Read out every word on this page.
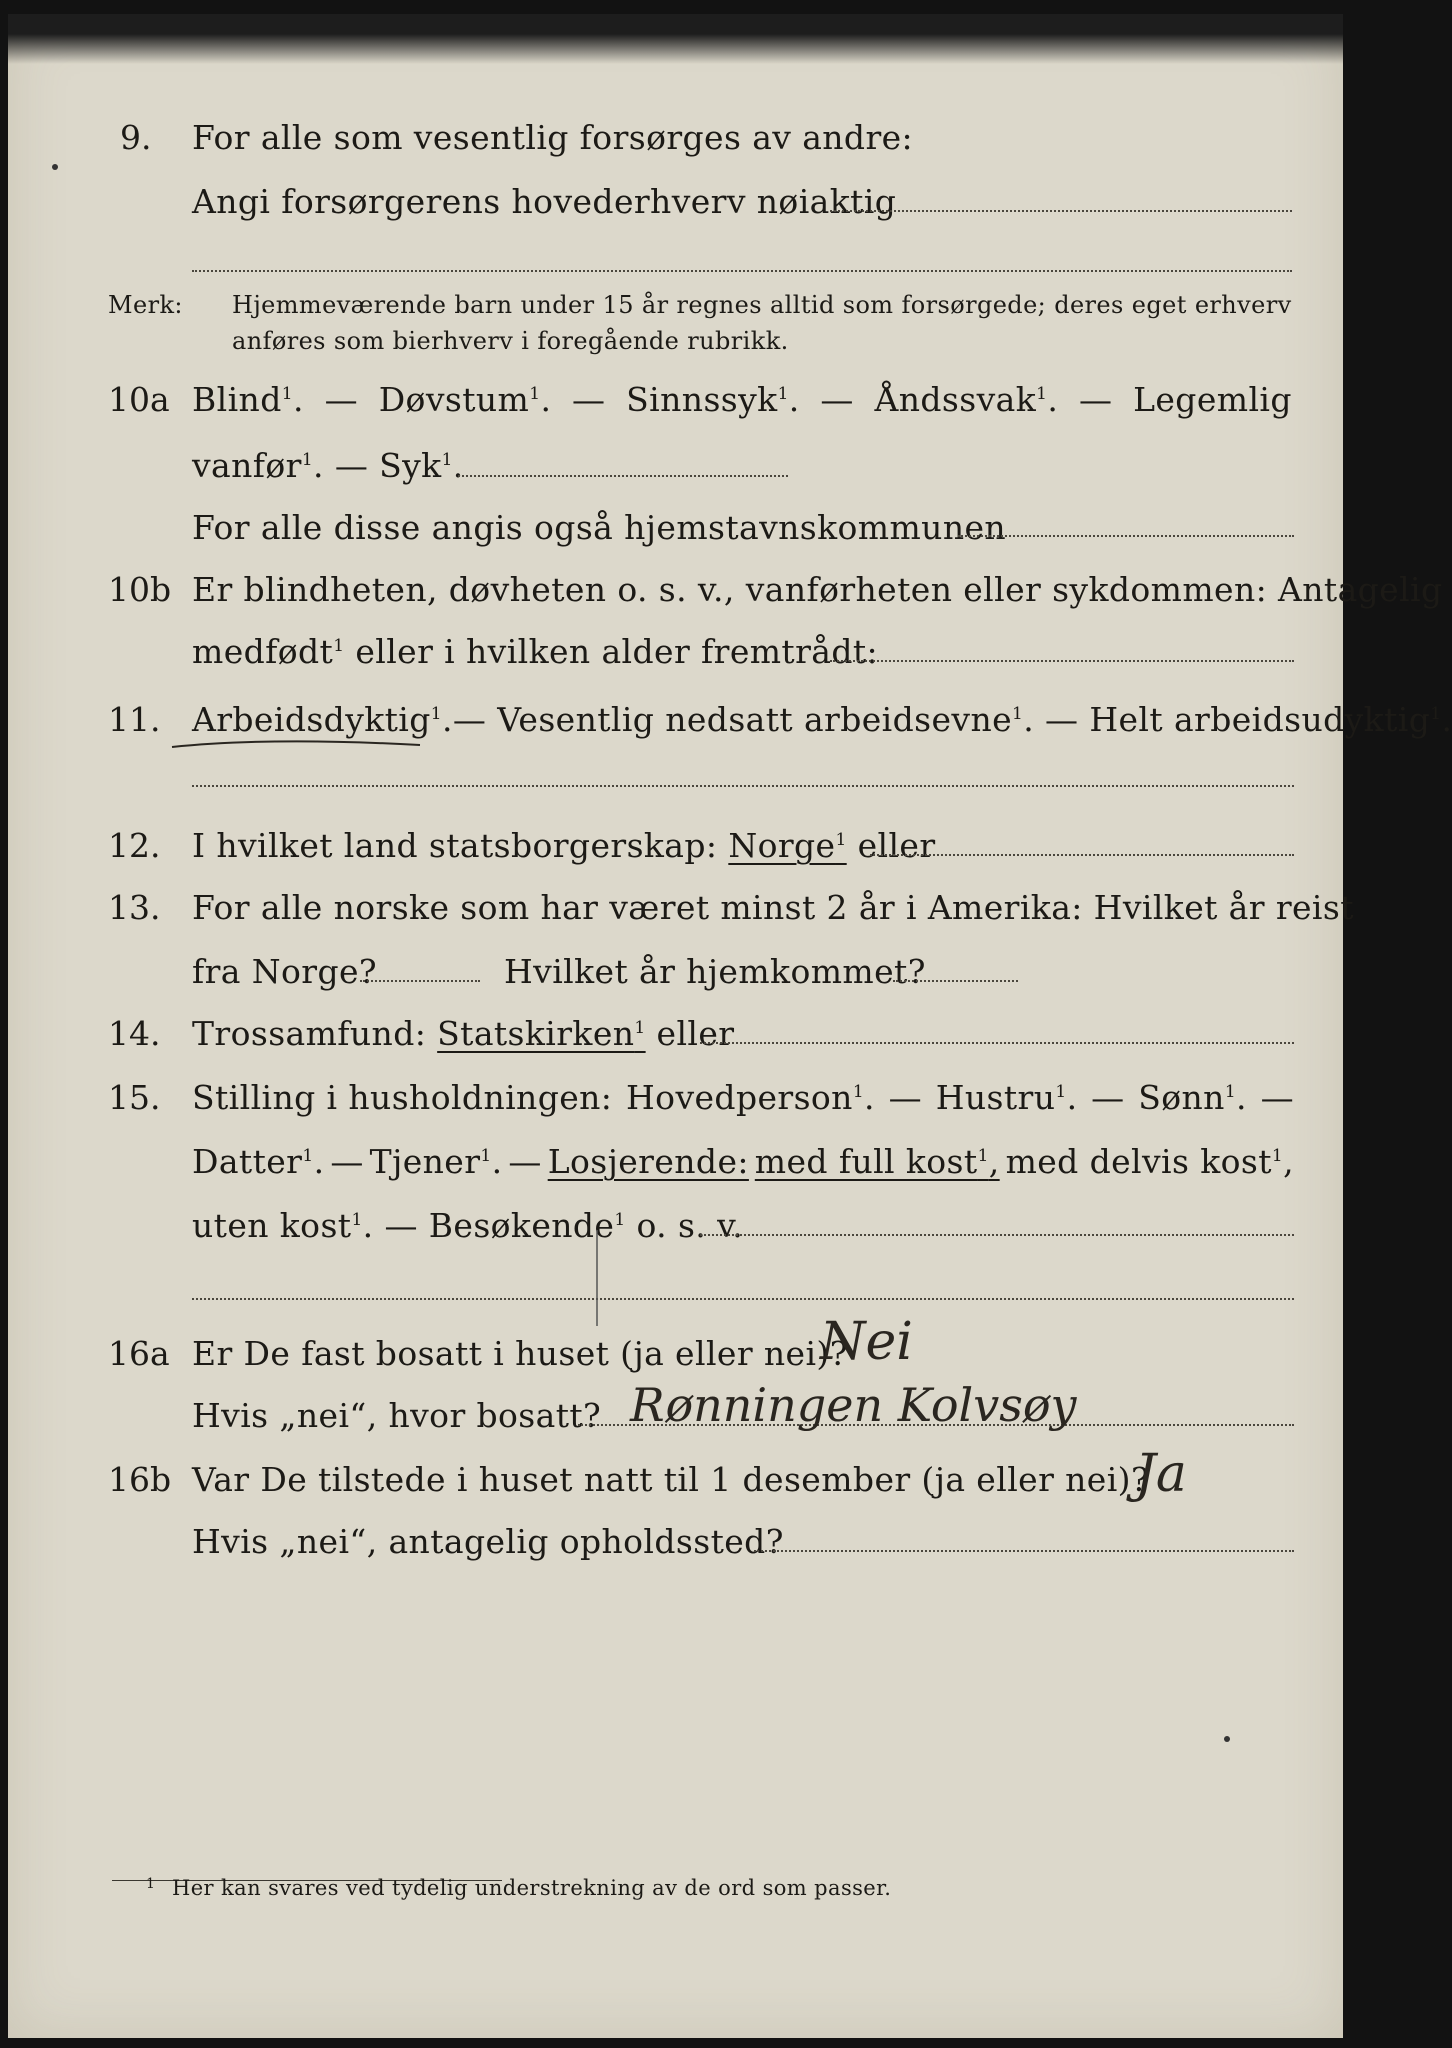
9. For alle som vesentlig forsørges av andre:
Angi forsørgerens hovederhverv nøiaktig
Merk: Hjemmeværende barn under 15 år regnes alltid som forsørgede; deres eget erhverv
anføres som bierhverv i foregående rubrikk.
10a Blind$^1$. — Døvstum$^1$. — Sinnssyk$^1$. — Åndssvak$^1$. — Legemlig
vanfør$^1$. — Syk$^1$.
For alle disse angis også hjemstavnskommunen
10b Er blindheten, døvheten o. s. v., vanførheten eller sykdommen: Antagelig
medfødt$^1$ eller i hvilken alder fremtrådt:
11. Arbeidsdyktig$^1$.— Vesentlig nedsatt arbeidsevne$^1$. — Helt arbeidsudyktig$^1$.
12. I hvilket land statsborgerskap: Norge$^1$ eller
13. For alle norske som har været minst 2 år i Amerika: Hvilket år reist
fra Norge?	Hvilket år hjemkommet?
14. Trossamfund: Statskirken$^1$ eller
15. Stilling i husholdningen: Hovedperson$^1$. — Hustru$^1$. — Sønn$^1$. —
Datter$^1$. — Tjener$^1$. — Losjerende: med full kost$^1$, med delvis kost$^1$,
uten kost$^1$. — Besøkende$^1$ o. s. v.
16a Er De fast bosatt i huset (ja eller nei)?
Nei
Hvis „nei“, hvor bosatt? Rønningen Kolvsøy
16b Var De tilstede i huset natt til 1 desember (ja eller nei)?
Ja
Hvis „nei“, antagelig opholdssted?
1 Her kan svares ved tydelig understrekning av de ord som passer.
